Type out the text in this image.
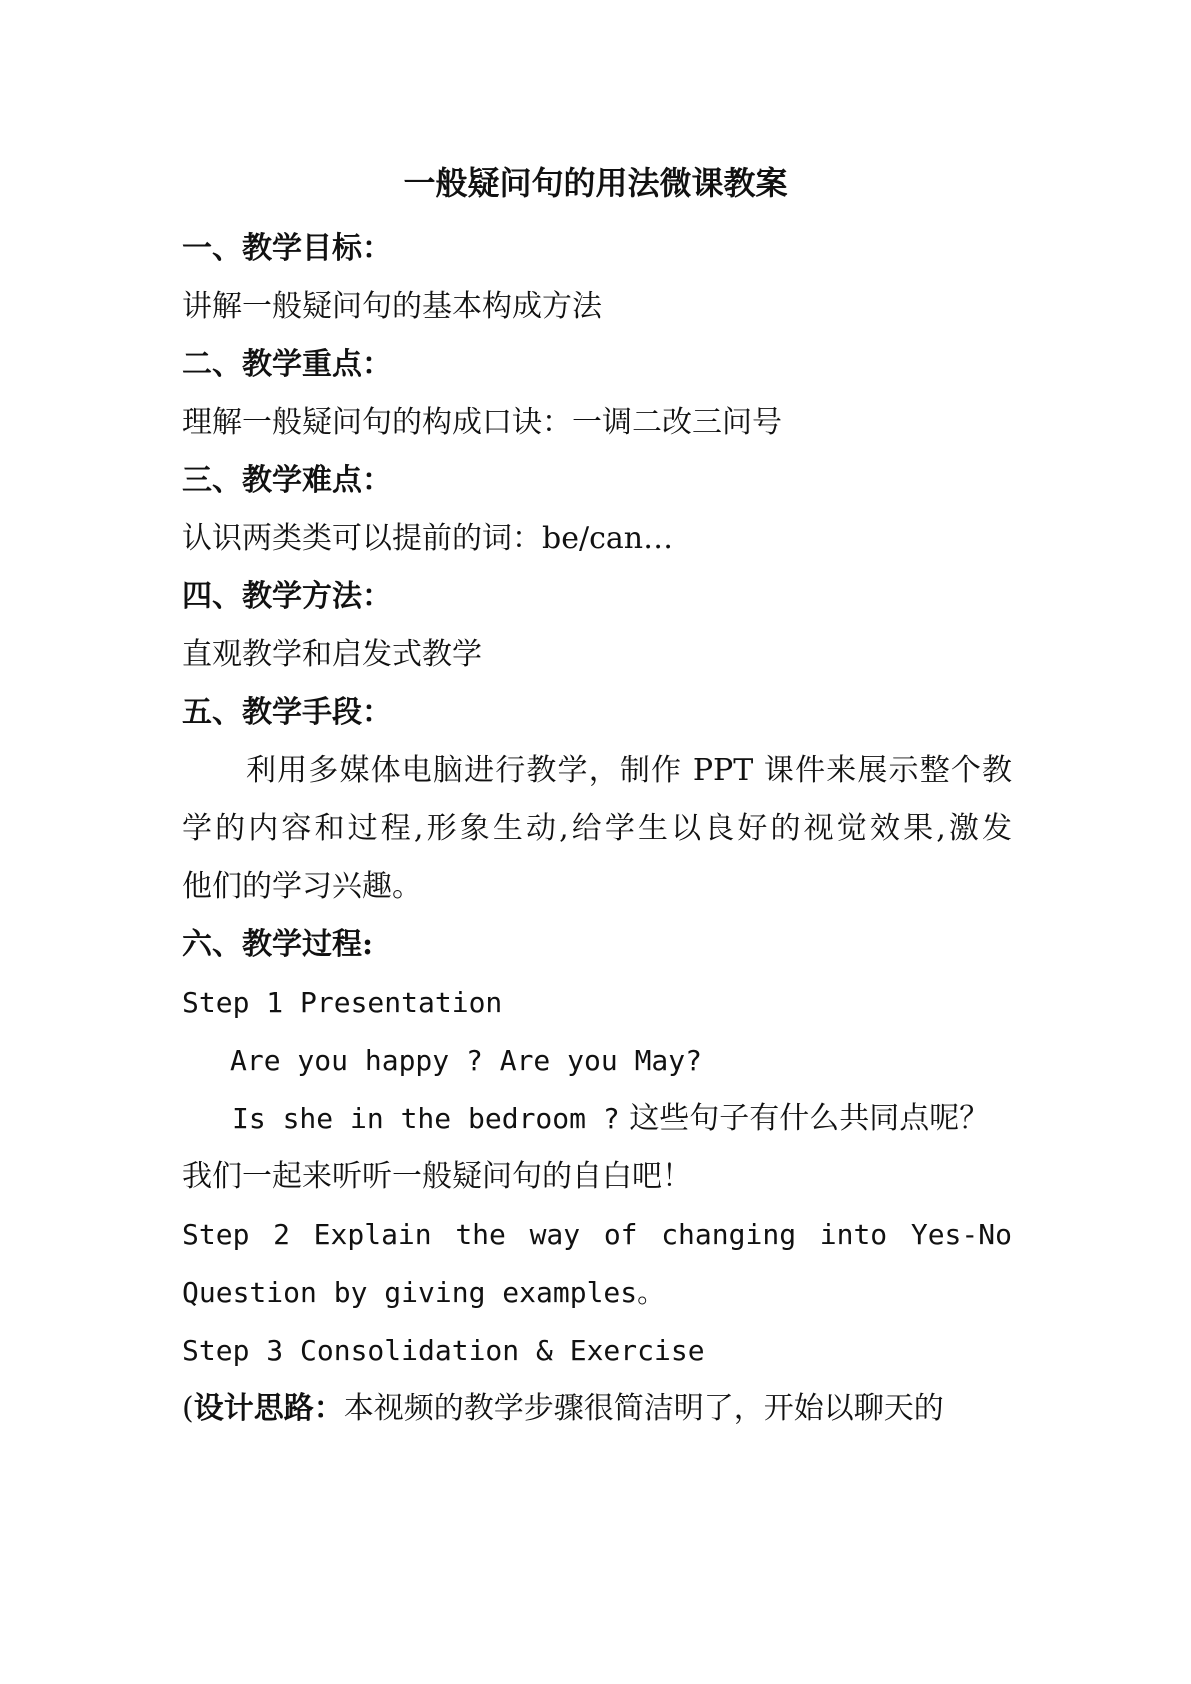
一般疑问句的用法微课教案
一、教学目标：
讲解一般疑问句的基本构成方法
二、教学重点：
理解一般疑问句的构成口诀：一调二改三问号
三、教学难点：
认识两类类可以提前的词：be/can…
四、教学方法：
直观教学和启发式教学
五、教学手段：
利用多媒体电脑进行教学，制作 PPT 课件来展示整个教
学的内容和过程,形象生动,给学生以良好的视觉效果,激发
他们的学习兴趣。
六、教学过程:
Step 1 Presentation
Are you happy ? Are you May?
Is she in the bedroom ? 这些句子有什么共同点呢？
我们一起来听听一般疑问句的自白吧！
Step 2 Explain the way of changing into Yes-No
Question by giving examples。
Step 3 Consolidation & Exercise
(设计思路：本视频的教学步骤很简洁明了，开始以聊天的
